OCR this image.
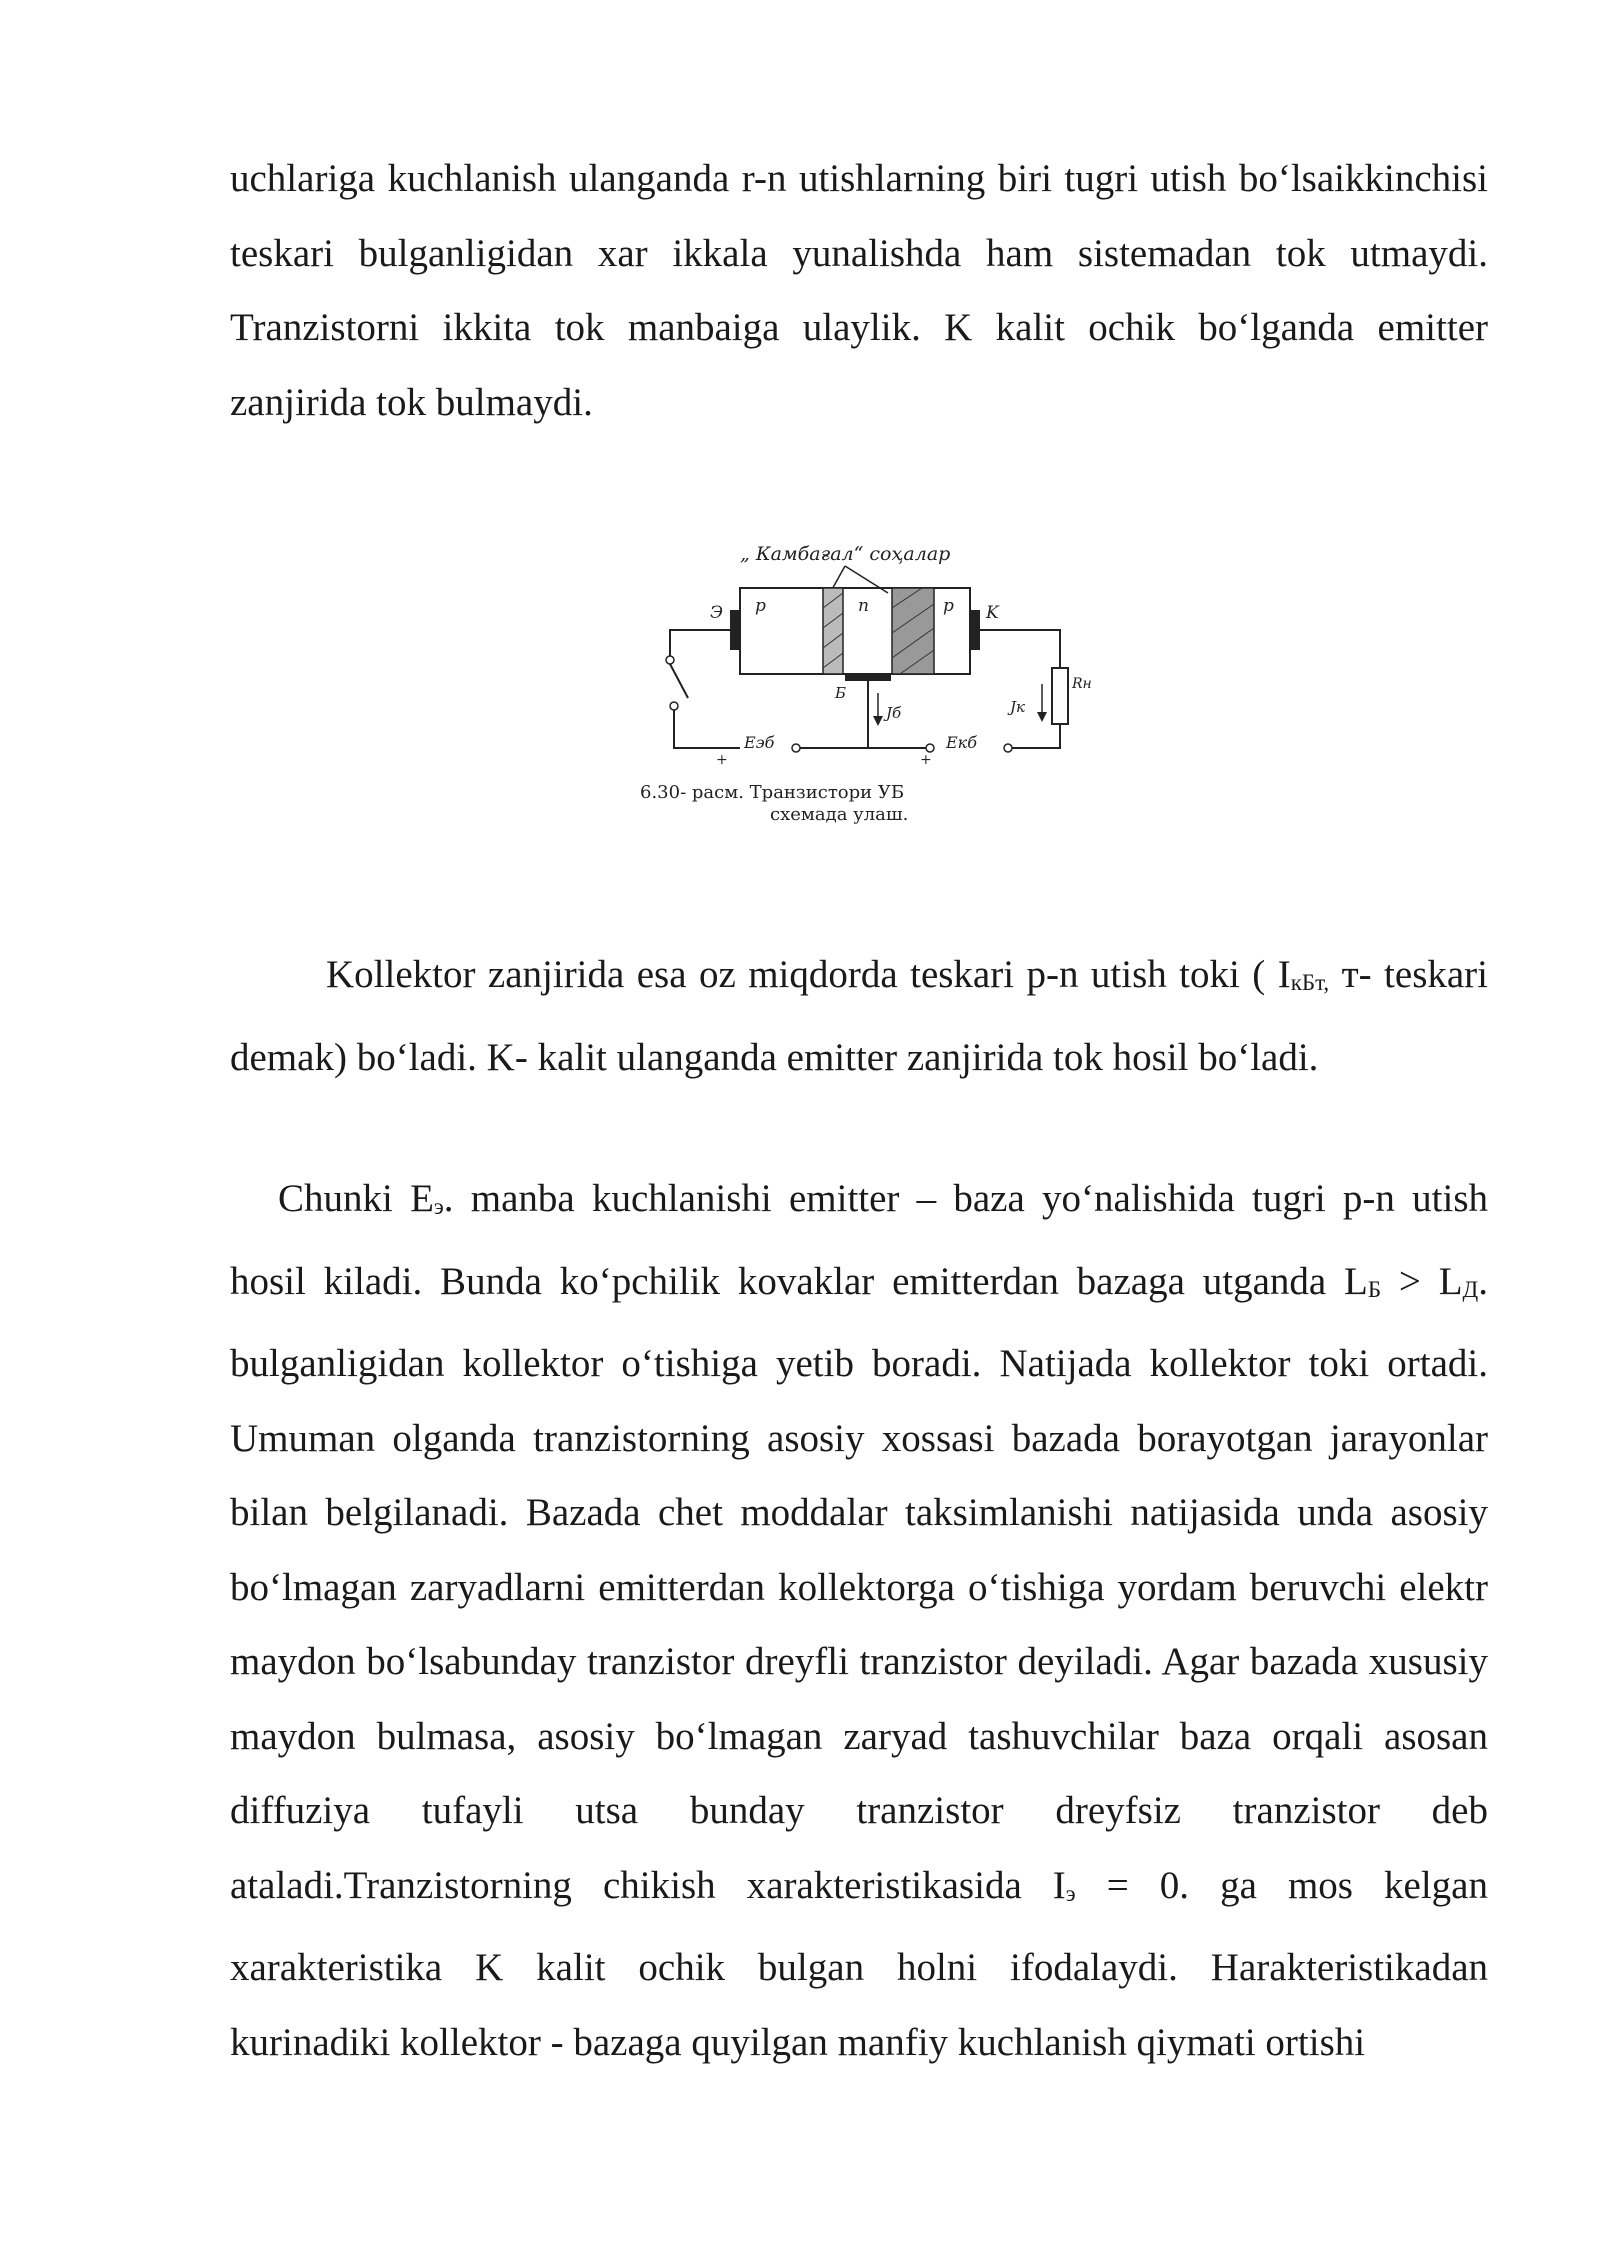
uchlariga kuchlanish ulanganda r-n utishlarning biri tugri utish bo‘lsaikkinchisi teskari bulganligidan xar ikkala yunalishda ham sistemadan tok utmaydi. Tranzistorni ikkita tok manbaiga ulaylik. K kalit ochik bo‘lganda emitter zanjirida tok bulmaydi.

„ Камбағал“ соҳалар
p	n	p
Э	K
Б
+
Eэб
Jб
+
Eкб
Rн
Jк
6.30- расм. Транзистори УБ
схемада улаш.

Kollektor zanjirida esa oz miqdorda teskari p-n utish toki ( $I_{кБт,}$ т- teskari demak) bo‘ladi. K- kalit ulanganda emitter zanjirida tok hosil bo‘ladi.

Chunki $E_э$. manba kuchlanishi emitter – baza yo‘nalishida tugri p-n utish hosil kiladi. Bunda ko‘pchilik kovaklar emitterdan bazaga utganda $L_Б > L_Д$. bulganligidan kollektor o‘tishiga yetib boradi. Natijada kollektor toki ortadi. Umuman olganda tranzistorning asosiy xossasi bazada borayotgan jarayonlar bilan belgilanadi. Bazada chet moddalar taksimlanishi natijasida unda asosiy bo‘lmagan zaryadlarni emitterdan kollektorga o‘tishiga yordam beruvchi elektr maydon bo‘lsabunday tranzistor dreyfli tranzistor deyiladi. Agar bazada xususiy maydon bulmasa, asosiy bo‘lmagan zaryad tashuvchilar baza orqali asosan diffuziya tufayli utsa bunday tranzistor dreyfsiz tranzistor deb ataladi.Tranzistorning chikish xarakteristikasida $I_э = 0$. ga mos kelgan xarakteristika K kalit ochik bulgan holni ifodalaydi. Harakteristikadan kurinadiki kollektor - bazaga quyilgan manfiy kuchlanish qiymati ortishi
